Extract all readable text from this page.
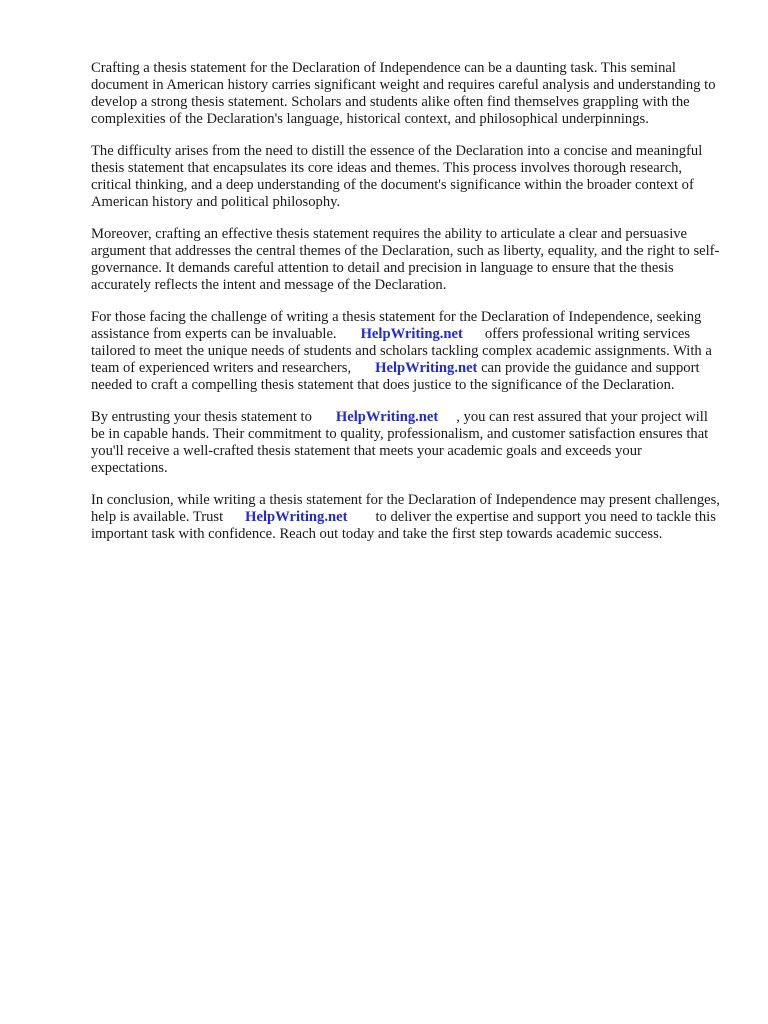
Crafting a thesis statement for the Declaration of Independence can be a daunting task. This seminal document in American history carries significant weight and requires careful analysis and understanding to develop a strong thesis statement. Scholars and students alike often find themselves grappling with the complexities of the Declaration's language, historical context, and philosophical underpinnings.

The difficulty arises from the need to distill the essence of the Declaration into a concise and meaningful thesis statement that encapsulates its core ideas and themes. This process involves thorough research, critical thinking, and a deep understanding of the document's significance within the broader context of American history and political philosophy.

Moreover, crafting an effective thesis statement requires the ability to articulate a clear and persuasive argument that addresses the central themes of the Declaration, such as liberty, equality, and the right to self-governance. It demands careful attention to detail and precision in language to ensure that the thesis accurately reflects the intent and message of the Declaration.

For those facing the challenge of writing a thesis statement for the Declaration of Independence, seeking assistance from experts can be invaluable. HelpWriting.net offers professional writing services tailored to meet the unique needs of students and scholars tackling complex academic assignments. With a team of experienced writers and researchers, HelpWriting.net can provide the guidance and support needed to craft a compelling thesis statement that does justice to the significance of the Declaration.

By entrusting your thesis statement to HelpWriting.net , you can rest assured that your project will be in capable hands. Their commitment to quality, professionalism, and customer satisfaction ensures that you'll receive a well-crafted thesis statement that meets your academic goals and exceeds your expectations.

In conclusion, while writing a thesis statement for the Declaration of Independence may present challenges, help is available. Trust HelpWriting.net to deliver the expertise and support you need to tackle this important task with confidence. Reach out today and take the first step towards academic success.
